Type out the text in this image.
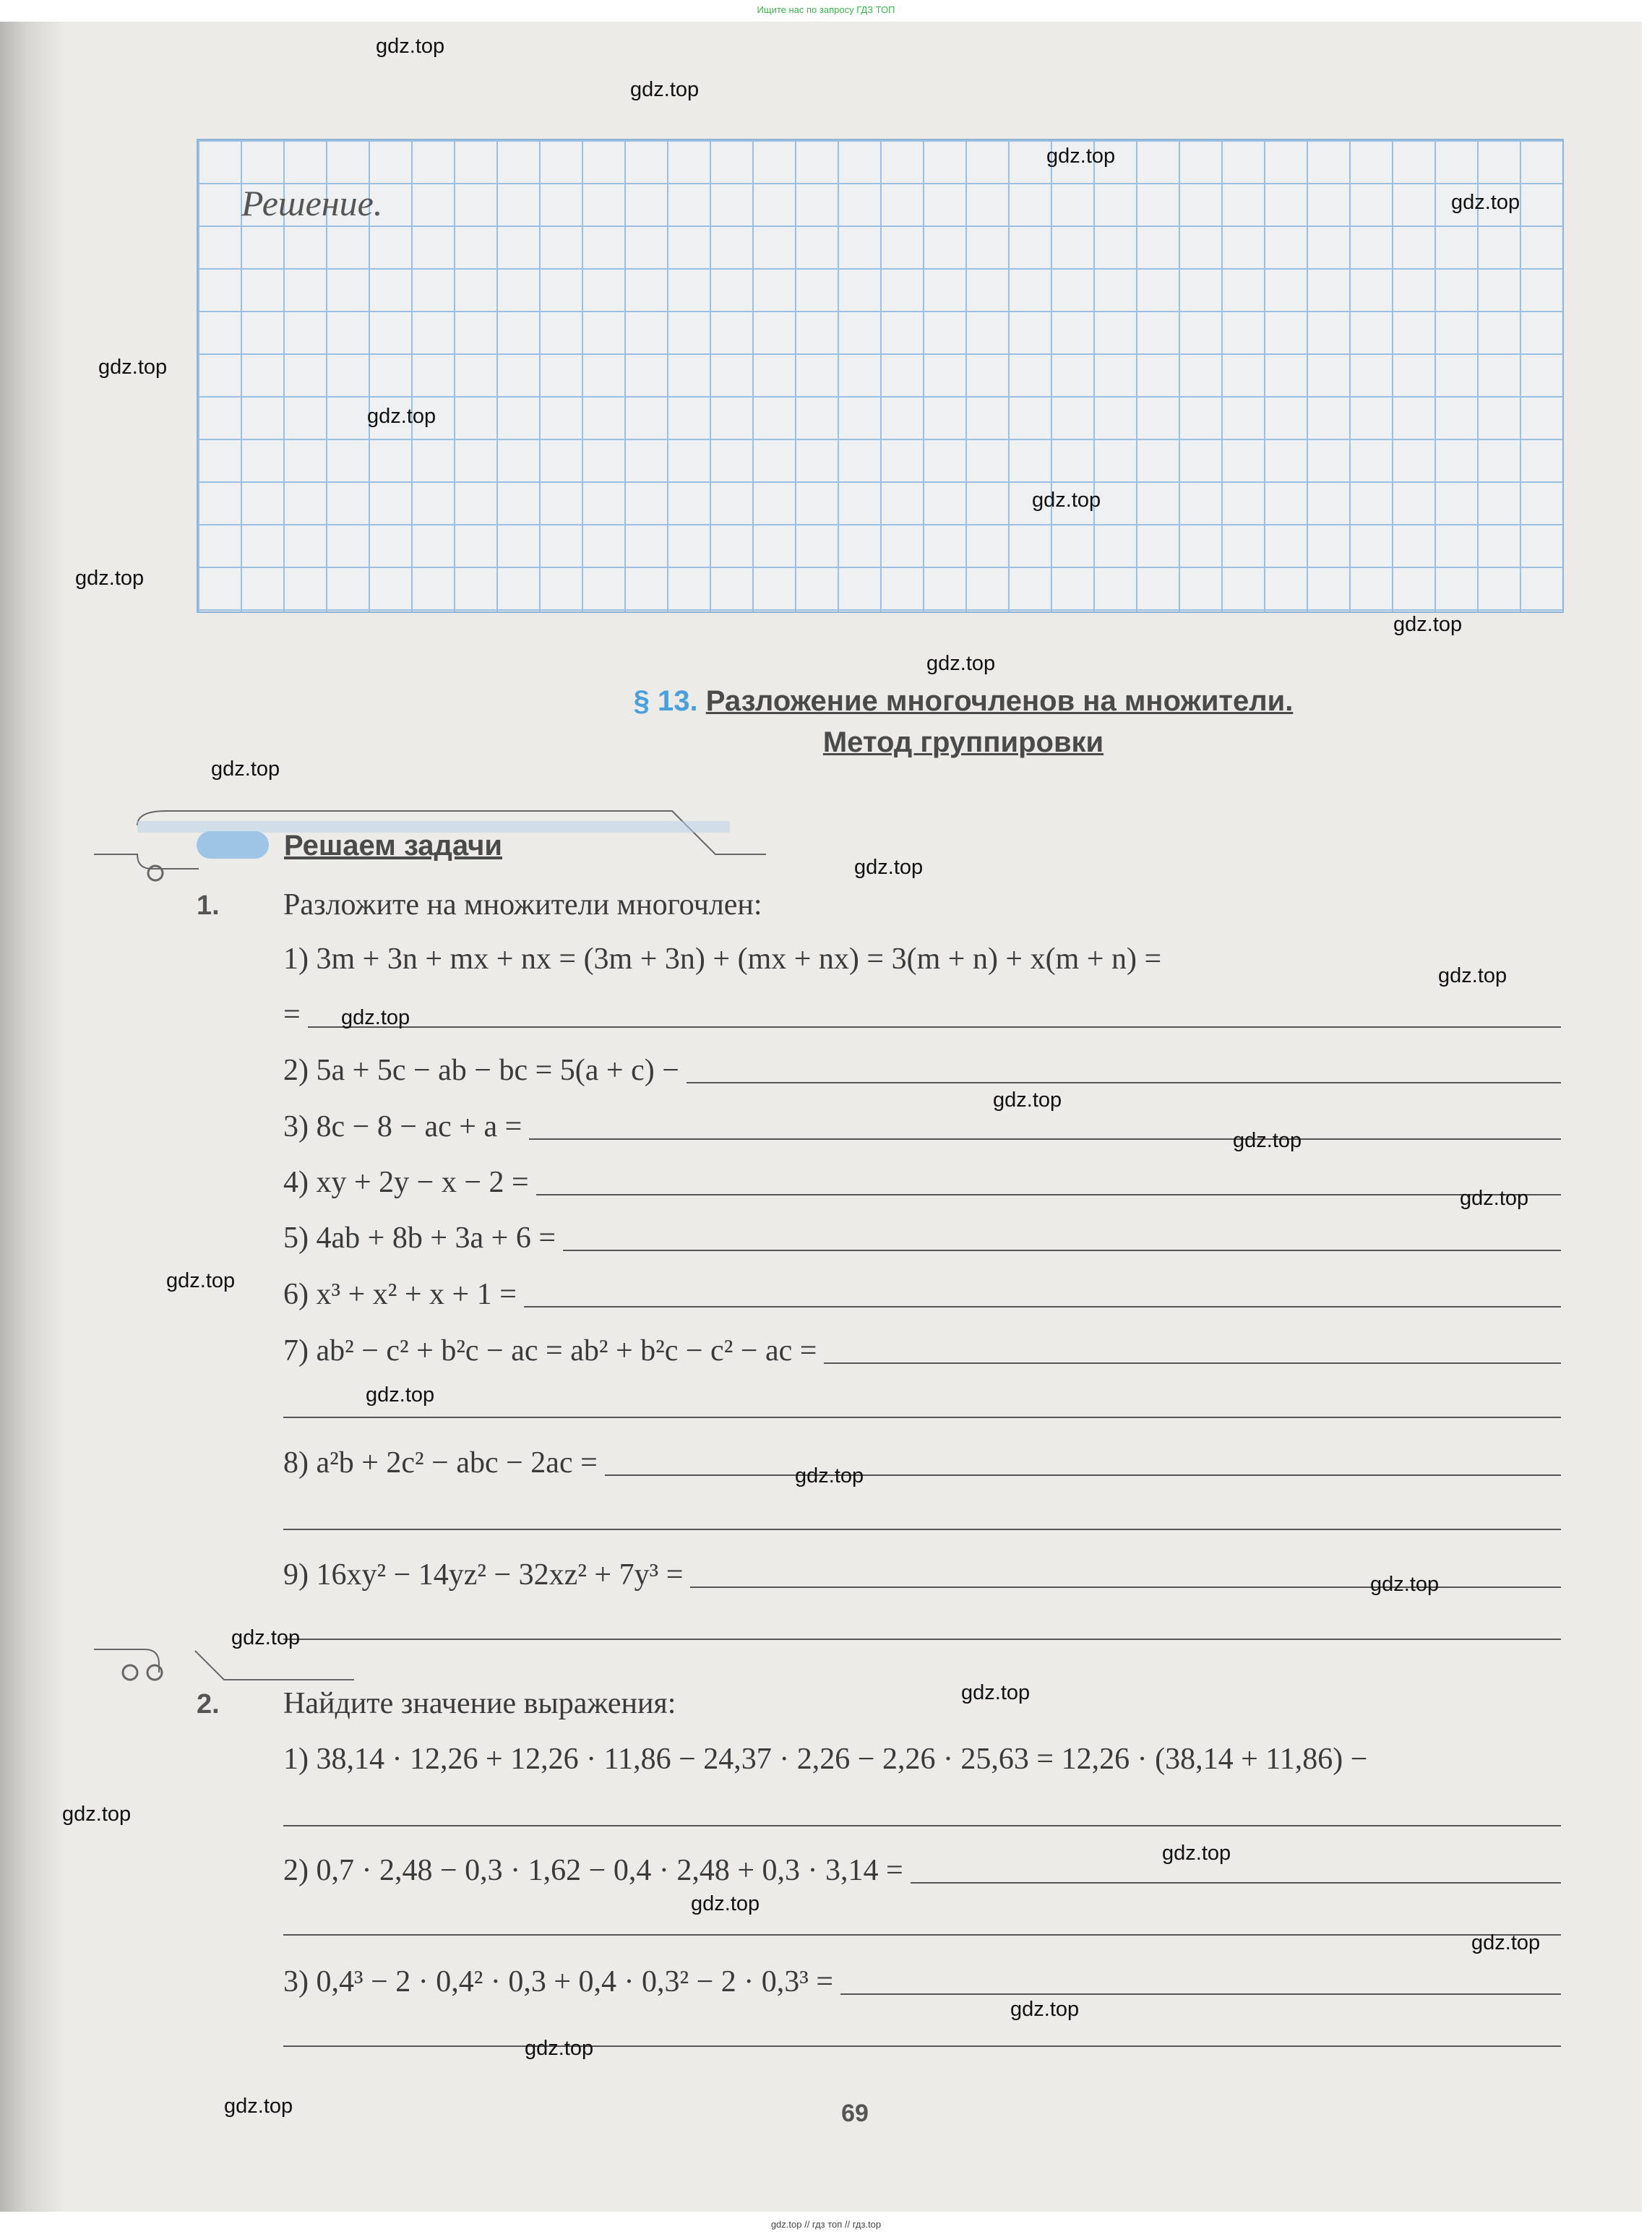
Ищите нас по запросу ГДЗ ТОП
Решение.
§ 13. Разложение многочленов на множители.
Метод группировки
Решаем задачи
1. Разложите на множители многочлен:
1) 3m + 3n + mx + nx = (3m + 3n) + (mx + nx) = 3(m + n) + x(m + n) =
=
2) 5a + 5c − ab − bc = 5(a + c) −
3) 8c − 8 − ac + a =
4) xy + 2y − x − 2 =
5) 4ab + 8b + 3a + 6 =
6) x³ + x² + x + 1 =
7) ab² − c² + b²c − ac = ab² + b²c − c² − ac =
8) a²b + 2c² − abc − 2ac =
9) 16xy² − 14yz² − 32xz² + 7y³ =
2. Найдите значение выражения:
1) 38,14 · 12,26 + 12,26 · 11,86 − 24,37 · 2,26 − 2,26 · 25,63 = 12,26 · (38,14 + 11,86) −
2) 0,7 · 2,48 − 0,3 · 1,62 − 0,4 · 2,48 + 0,3 · 3,14 =
3) 0,4³ − 2 · 0,4² · 0,3 + 0,4 · 0,3² − 2 · 0,3³ =
69
gdz.top
gdz.top
gdz.top
gdz.top
gdz.top
gdz.top
gdz.top
gdz.top
gdz.top
gdz.top
gdz.top
gdz.top
gdz.top
gdz.top
gdz.top
gdz.top
gdz.top
gdz.top
gdz.top
gdz.top
gdz.top
gdz.top
gdz.top
gdz.top
gdz.top
gdz.top
gdz.top
gdz.top
gdz.top
gdz.top
gdz.top // гдз топ // гдз.top
